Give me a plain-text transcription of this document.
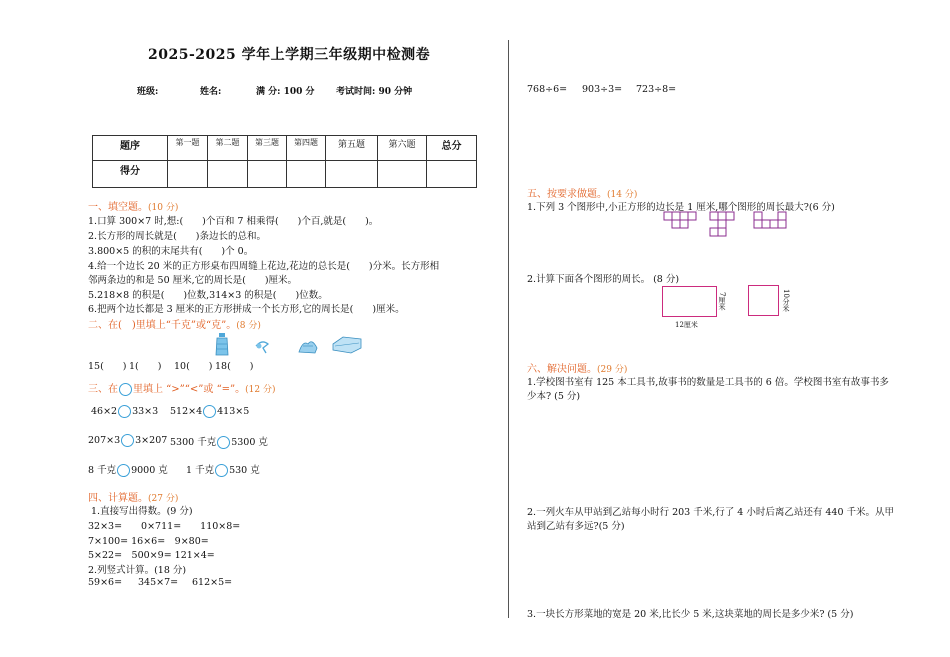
2025-2025 学年上学期三年级期中检测卷
班级:	姓名:	满 分: 100 分 考试时间: 90 分钟
题序	第一题	第二题	第三题	第四题	第五题	第六题	总分
得分							
一、填空题。(10 分)
1.口算 300×7 时,想:(　　)个百和 7 相乘得(　　)个百,就是(　　)。
2.长方形的周长就是(　　)条边长的总和。
3.800×5 的积的末尾共有(　　)个 0。
4.给一个边长 20 米的正方形桌布四周缝上花边,花边的总长是(　　)分米。长方形相
邻两条边的和是 50 厘米,它的周长是(　　)厘米。
5.218×8 的积是(　　)位数,314×3 的积是(　　)位数。
6.把两个边长都是 3 厘米的正方形拼成一个长方形,它的周长是(　　)厘米。
二、在(　)里填上“千克”或“克”。(8 分)
15(　　) 1(　　) 10(　　) 18(　　)
三、在 里填上 “>”“<”或 “=”。(12 分)
46×2 33×3 512×4 413×5
207×3 3×207 5300 千克 5300 克
8 千克 9000 克 1 千克 530 克
四、计算题。(27 分)
1.直接写出得数。(9 分)
32×3=　　0×711=　　110×8=
7×100= 16×6=　9×80=
5×22=　500×9= 121×4=
2.列竖式计算。(18 分)
59×6= 345×7= 612×5=
768÷6= 903÷3= 723÷8=
五、按要求做题。(14 分)
1.下列 3 个图形中,小正方形的边长是 1 厘米,哪个图形的周长最大?(6 分)
2.计算下面各个图形的周长。 (8 分)
7厘米
12厘米
10分米
六、解决问题。(29 分)
1.学校图书室有 125 本工具书,故事书的数量是工具书的 6 倍。学校图书室有故事书多
少本? (5 分)
2.一列火车从甲站到乙站每小时行 203 千米,行了 4 小时后离乙站还有 440 千米。从甲
站到乙站有多远?(5 分)
3.一块长方形菜地的宽是 20 米,比长少 5 米,这块菜地的周长是多少米? (5 分)
